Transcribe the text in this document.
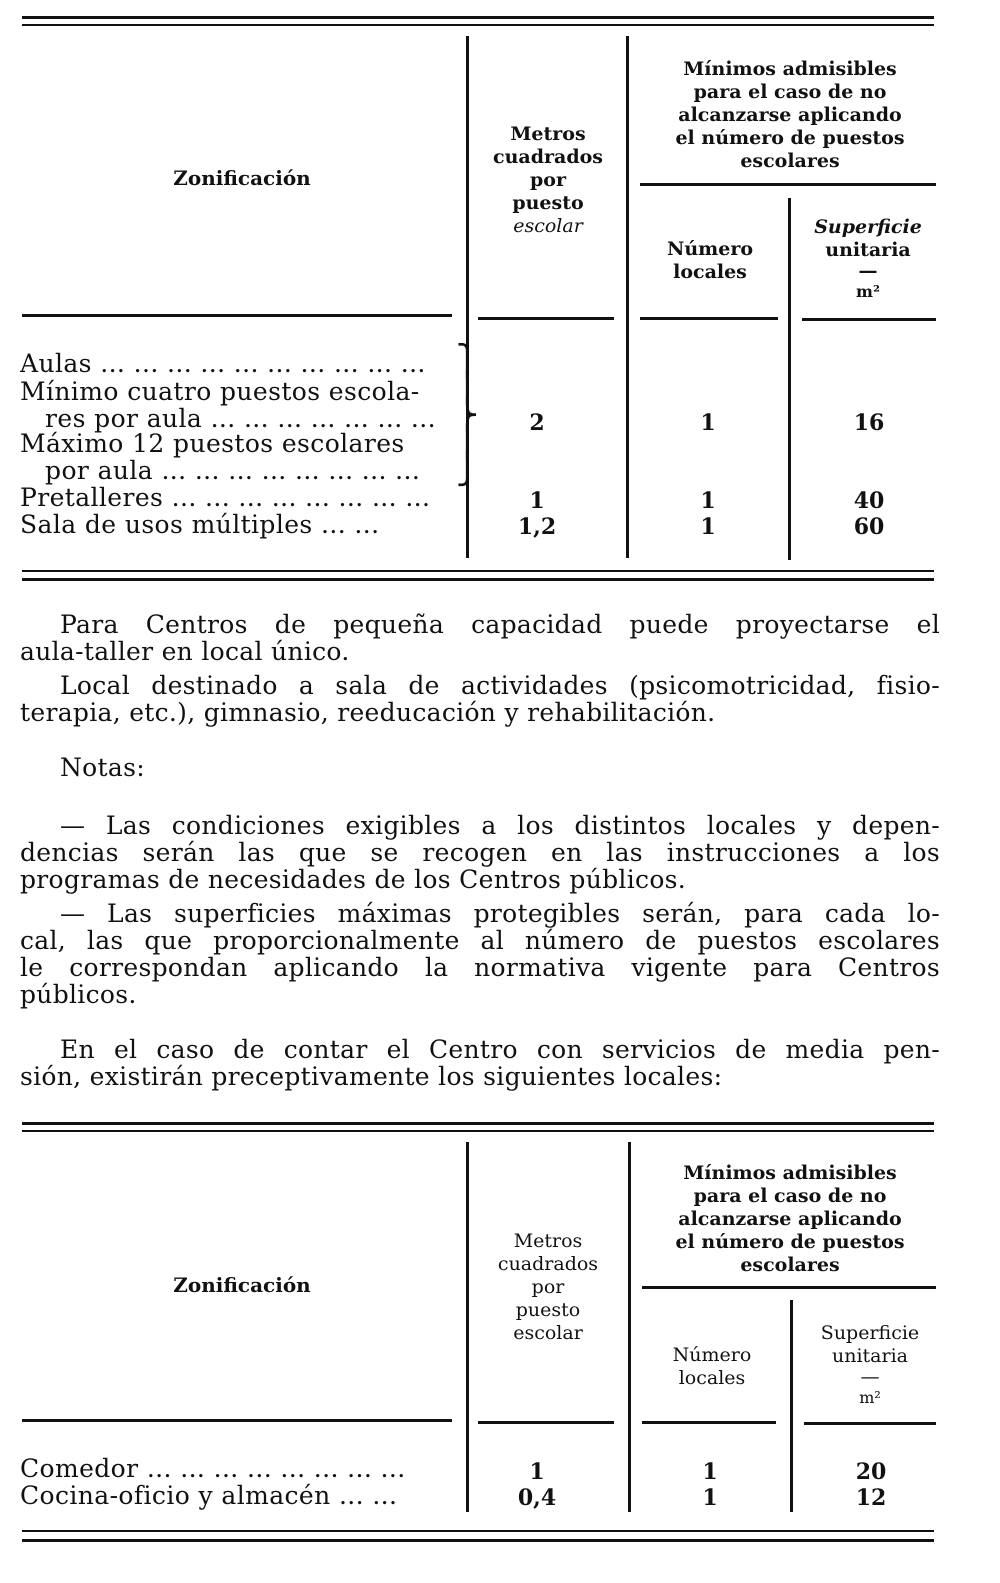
Zonificación
Metros
cuadrados
por
puesto
escolar
Mínimos admisibles
para el caso de no
alcanzarse aplicando
el número de puestos
escolares
Número
locales
Superficie
unitaria
—
m²
Aulas ... ... ... ... ... ... ... ... ... ...
Mínimo cuatro puestos escola-
res por aula ... ... ... ... ... ... ...
Máximo 12 puestos escolares
por aula ... ... ... ... ... ... ... ...
⎫
⎪
⎬
⎪
⎭
2	1	16
Pretalleres ... ... ... ... ... ... ... ...	1	1	40
Sala de usos múltiples ... ...	1,2	1	60
Para Centros de pequeña capacidad puede proyectarse el
aula-taller en local único.
Local destinado a sala de actividades (psicomotricidad, fisio-
terapia, etc.), gimnasio, reeducación y rehabilitación.
Notas:
— Las condiciones exigibles a los distintos locales y depen-
dencias serán las que se recogen en las instrucciones a los
programas de necesidades de los Centros públicos.
— Las superficies máximas protegibles serán, para cada lo-
cal, las que proporcionalmente al número de puestos escolares
le correspondan aplicando la normativa vigente para Centros
públicos.
En el caso de contar el Centro con servicios de media pen-
sión, existirán preceptivamente los siguientes locales:
Zonificación
Metros
cuadrados
por
puesto
escolar
Mínimos admisibles
para el caso de no
alcanzarse aplicando
el número de puestos
escolares
Número
locales
Superficie
unitaria
—
m²
Comedor ... ... ... ... ... ... ... ...	1	1	20
Cocina-oficio y almacén ... ...	0,4	1	12
